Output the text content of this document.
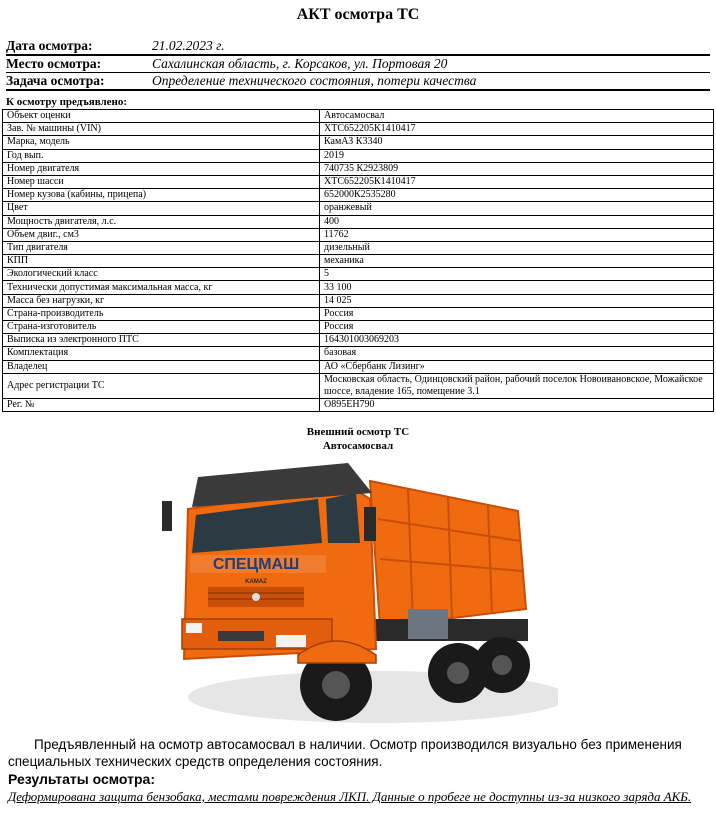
АКТ осмотра ТС
Дата осмотра:	21.02.2023 г.
Место осмотра:	Сахалинская область, г. Корсаков, ул. Портовая 20
Задача осмотра:	Определение технического состояния, потери качества
К осмотру предъявлено:
Объект оценки	Автосамосвал
Зав. № машины (VIN)	ХТС652205К1410417
Марка, модель	КамАЗ К3340
Год вып.	2019
Номер двигателя	740735 К2923809
Номер шасси	ХТС652205К1410417
Номер кузова (кабины, прицепа)	652000К2535280
Цвет	оранжевый
Мощность двигателя, л.с.	400
Объем двиг., см3	11762
Тип двигателя	дизельный
КПП	механика
Экологический класс	5
Технически допустимая максимальная масса, кг	33 100
Масса без нагрузки, кг	14 025
Страна-производитель	Россия
Страна-изготовитель	Россия
Выписка из электронного ПТС	164301003069203
Комплектация	базовая
Владелец	АО «Сбербанк Лизинг»
Адрес регистрации ТС	Московская область, Одинцовский район, рабочий поселок Новоивановское, Можайское шоссе, владение 165, помещение 3.1
Рег. №	О895ЕН790
Внешний осмотр ТС
Автосамосвал
СПЕЦМАШ
KAMAZ
Предъявленный на осмотр автосамосвал в наличии. Осмотр производился визуально без применения специальных технических средств определения состояния.
Результаты осмотра:
Деформирована защита бензобака, местами повреждения ЛКП. Данные о пробеге не доступны из-за низкого заряда АКБ.
